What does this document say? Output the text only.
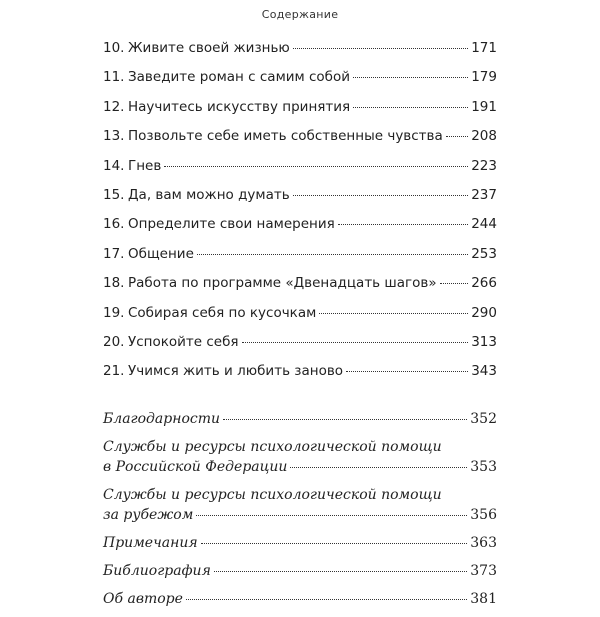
Содержание
10. Живите своей жизнью	171
11. Заведите роман с самим собой	179
12. Научитесь искусству принятия	191
13. Позвольте себе иметь собственные чувства 208
14. Гнев	223
15. Да, вам можно думать	237
16. Определите свои намерения	244
17. Общение	253
18. Работа по программе «Двенадцать шагов»	266
19. Собирая себя по кусочкам	290
20. Успокойте себя	313
21. Учимся жить и любить заново	343
Благодарности	352
Службы и ресурсы психологической помощи
в Российской Федерации	353
Службы и ресурсы психологической помощи
за рубежом	356
Примечания	363
Библиография	373
Об авторе	381
